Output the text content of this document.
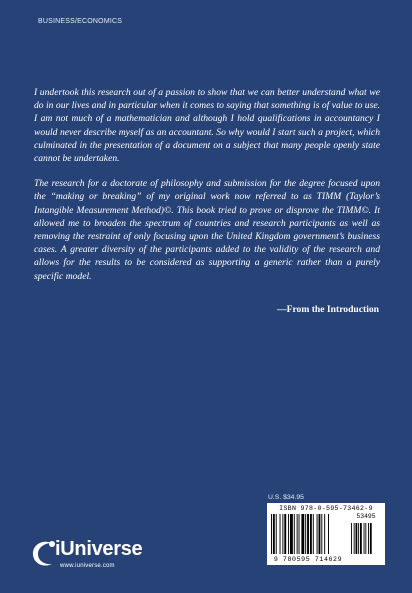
BUSINESS/ECONOMICS

I undertook this research out of a passion to show that we can better understand what we do in our lives and in particular when it comes to saying that something is of value to use. I am not much of a mathematician and although I hold qualifications in accountancy I would never describe myself as an accountant. So why would I start such a project, which culminated in the presentation of a document on a subject that many people openly state cannot be undertaken.

The research for a doctorate of philosophy and submission for the degree focused upon the “making or breaking” of my original work now referred to as TIMM (Taylor’s Intangible Measurement Method)©. This book tried to prove or disprove the TIMM©. It allowed me to broaden the spectrum of countries and research participants as well as removing the restraint of only focusing upon the United Kingdom government’s business cases. A greater diversity of the participants added to the validity of the research and allows for the results to be considered as supporting a generic rather than a purely specific model.

—From the Introduction
U.S. $34.95
ISBN 978-0-595-73462-9
53495
9 780595 714629
iUniverse
www.iuniverse.com
